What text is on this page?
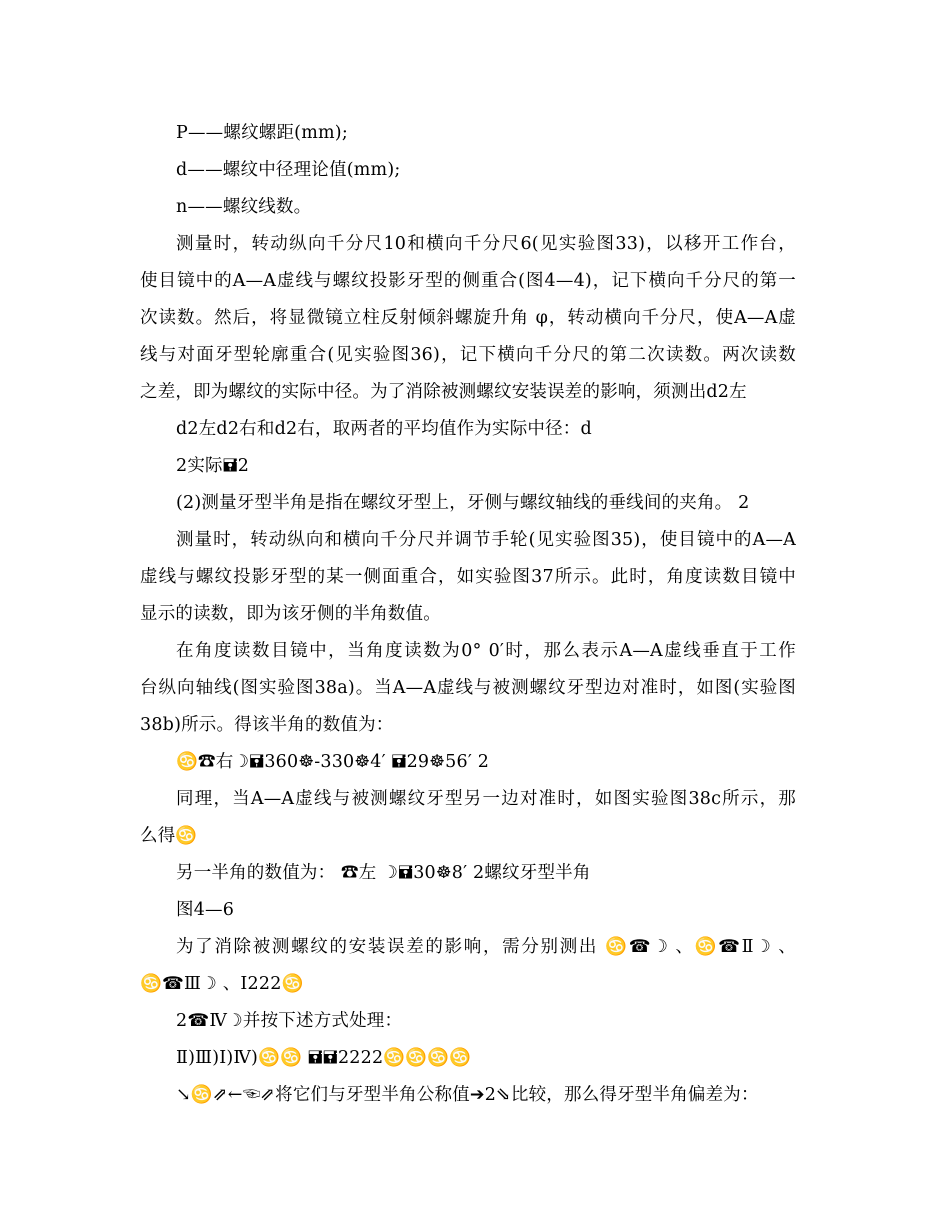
P——螺纹螺距(mm);
d——螺纹中径理论值(mm);
n——螺纹线数。
测量时，转动纵向千分尺10和横向千分尺6(见实验图33)，以移开工作台，
使目镜中的A—A虚线与螺纹投影牙型的侧重合(图4—4)，记下横向千分尺的第一
次读数。然后，将显微镜立柱反射倾斜螺旋升角 φ，转动横向千分尺，使A—A虚
线与对面牙型轮廓重合(见实验图36)，记下横向千分尺的第二次读数。两次读数
之差，即为螺纹的实际中径。为了消除被测螺纹安装误差的影响，须测出d2左
d2左d2右和d2右，取两者的平均值作为实际中径：d
2实际🖬2
(2)测量牙型半角是指在螺纹牙型上，牙侧与螺纹轴线的垂线间的夹角。 2
测量时，转动纵向和横向千分尺并调节手轮(见实验图35)，使目镜中的A—A
虚线与螺纹投影牙型的某一侧面重合，如实验图37所示。此时，角度读数目镜中
显示的读数，即为该牙侧的半角数值。
在角度读数目镜中，当角度读数为0° 0′时，那么表示A—A虚线垂直于工作
台纵向轴线(图实验图38a)。当A—A虚线与被测螺纹牙型边对准时，如图(实验图
38b)所示。得该半角的数值为：
♋☎右☽🖬360☸-330☸4′ 🖬29☸56′ 2
同理，当A—A虚线与被测螺纹牙型另一边对准时，如图实验图38c所示，那
么得♋
另一半角的数值为： ☎左 ☽🖬30☸8′ 2螺纹牙型半角
图4—6
为了消除被测螺纹的安装误差的影响，需分别测出 ♋☎☽ 、♋☎Ⅱ☽ 、
♋☎Ⅲ☽ 、Ⅰ222♋
2☎Ⅳ☽并按下述方式处理：
Ⅱ)Ⅲ)Ⅰ)Ⅳ)♋♋ 🖬🖬2222♋♋♋♋
↘♋⇗←☜⇗将它们与牙型半角公称值➔2⇘比较，那么得牙型半角偏差为：
